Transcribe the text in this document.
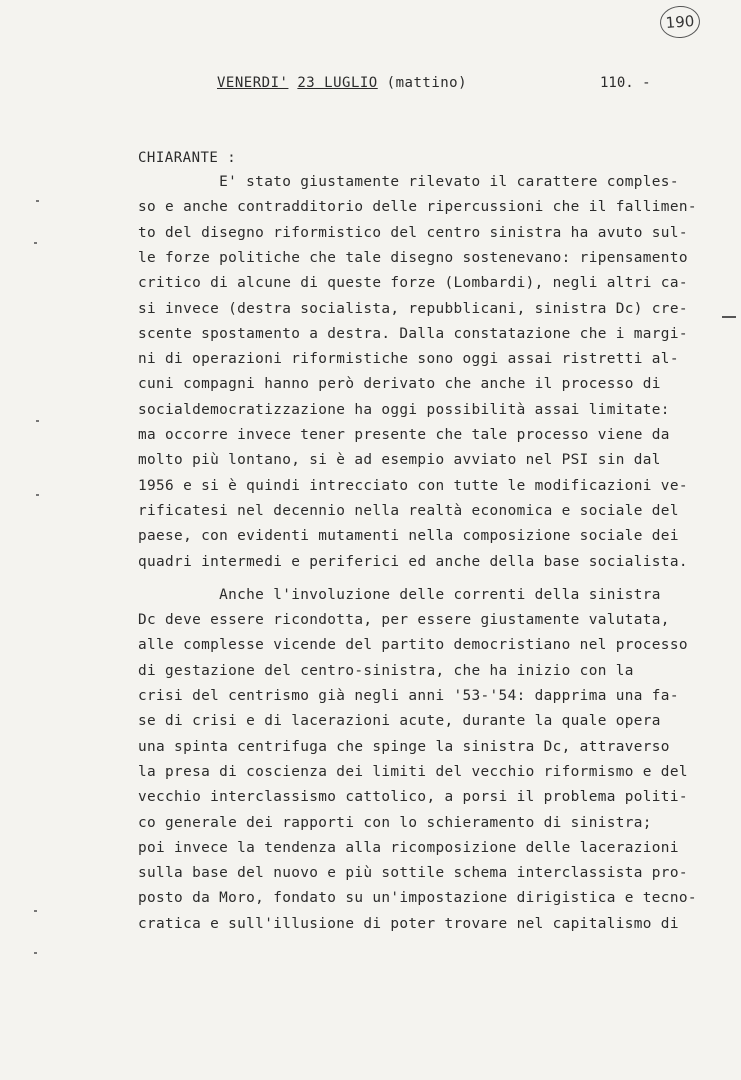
190
VENERDI' 23 LUGLIO (mattino)	110. -
CHIARANTE :
E' stato giustamente rilevato il carattere comples-
so e anche contradditorio delle ripercussioni che il fallimen-
to del disegno riformistico del centro sinistra ha avuto sul-
le forze politiche che tale disegno sostenevano: ripensamento
critico di alcune di queste forze (Lombardi), negli altri ca-
si invece (destra socialista, repubblicani, sinistra Dc) cre-
scente spostamento a destra. Dalla constatazione che i margi-
ni di operazioni riformistiche sono oggi assai ristretti al-
cuni compagni hanno però derivato che anche il processo di
socialdemocratizzazione ha oggi possibilità assai limitate:
ma occorre invece tener presente che tale processo viene da
molto più lontano, si è ad esempio avviato nel PSI sin dal
1956 e si è quindi intrecciato con tutte le modificazioni ve-
rificatesi nel decennio nella realtà economica e sociale del
paese, con evidenti mutamenti nella composizione sociale dei
quadri intermedi e periferici ed anche della base socialista.
Anche l'involuzione delle correnti della sinistra
Dc deve essere ricondotta, per essere giustamente valutata,
alle complesse vicende del partito democristiano nel processo
di gestazione del centro-sinistra, che ha inizio con la
crisi del centrismo già negli anni '53-'54: dapprima una fa-
se di crisi e di lacerazioni acute, durante la quale opera
una spinta centrifuga che spinge la sinistra Dc, attraverso
la presa di coscienza dei limiti del vecchio riformismo e del
vecchio interclassismo cattolico, a porsi il problema politi-
co generale dei rapporti con lo schieramento di sinistra;
poi invece la tendenza alla ricomposizione delle lacerazioni
sulla base del nuovo e più sottile schema interclassista pro-
posto da Moro, fondato su un'impostazione dirigistica e tecno-
cratica e sull'illusione di poter trovare nel capitalismo di
